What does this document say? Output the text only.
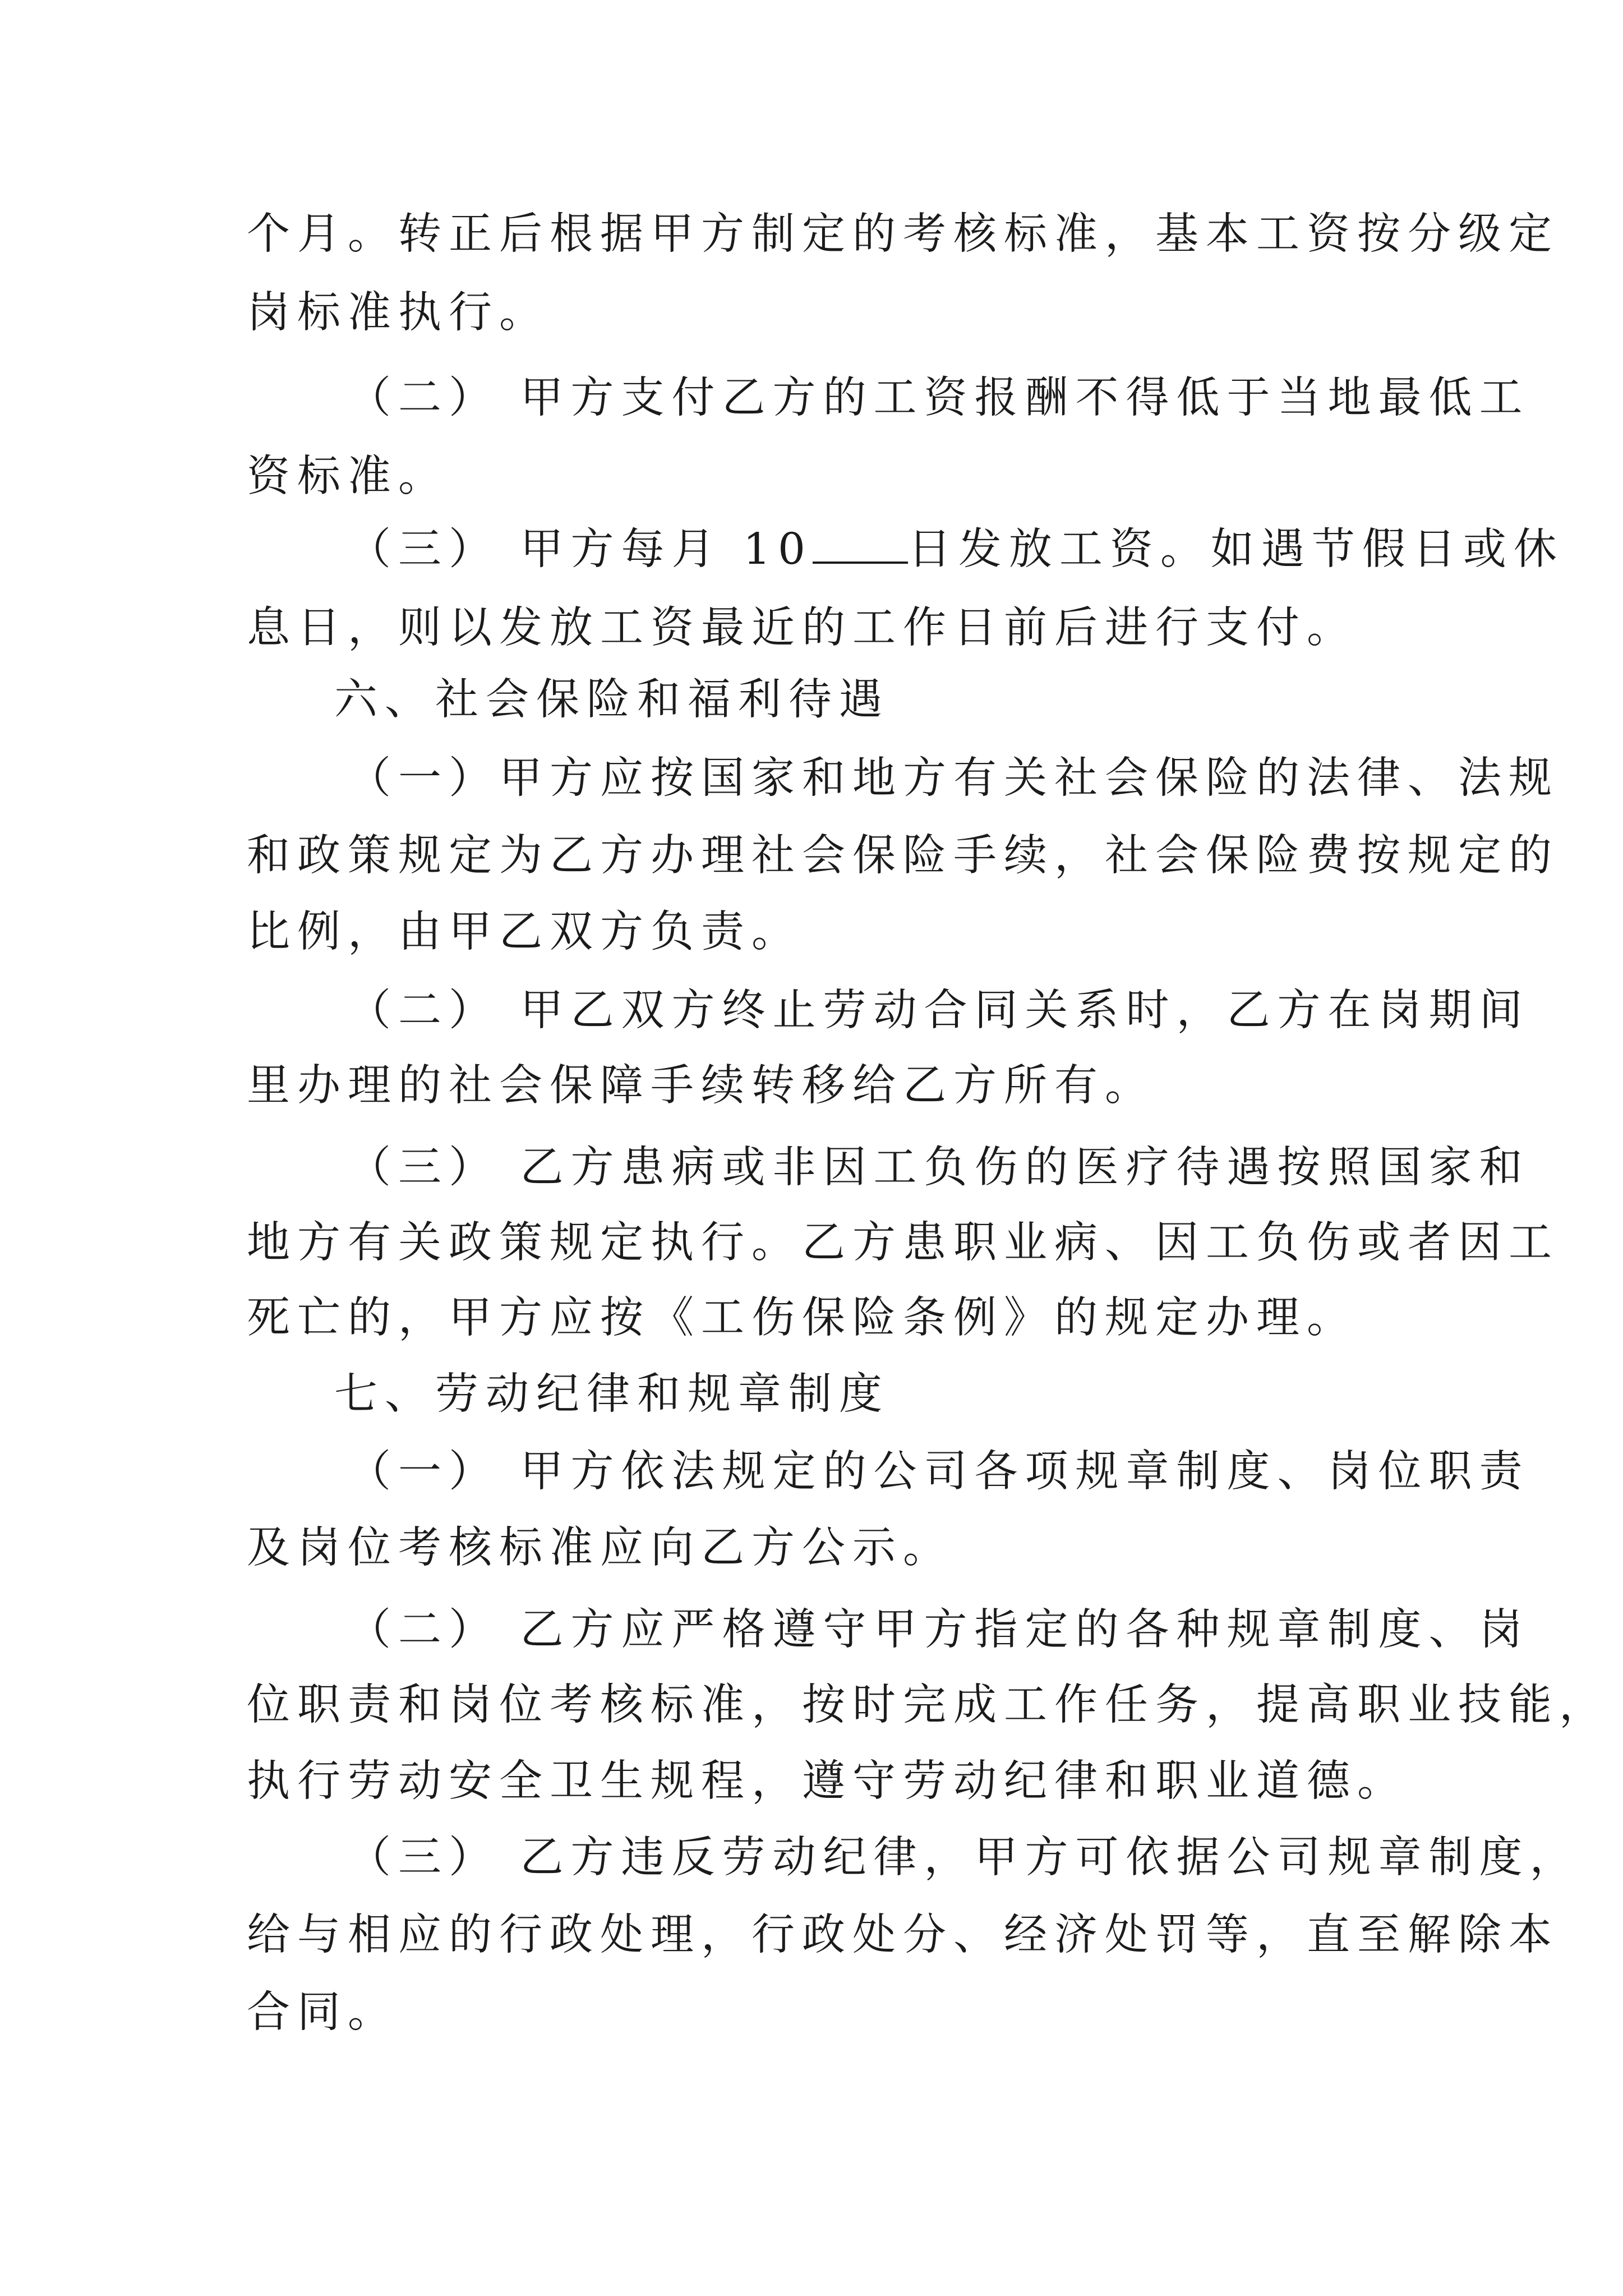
个月。转正后根据甲方制定的考核标准，基本工资按分级定

岗标准执行。

（二） 甲方支付乙方的工资报酬不得低于当地最低工

资标准。

（三） 甲方每月 10 日发放工资。如遇节假日或休

息日，则以发放工资最近的工作日前后进行支付。

六、社会保险和福利待遇

（一）甲方应按国家和地方有关社会保险的法律、法规

和政策规定为乙方办理社会保险手续，社会保险费按规定的

比例，由甲乙双方负责。

（二） 甲乙双方终止劳动合同关系时，乙方在岗期间

里办理的社会保障手续转移给乙方所有。

（三） 乙方患病或非因工负伤的医疗待遇按照国家和

地方有关政策规定执行。乙方患职业病、因工负伤或者因工

死亡的，甲方应按《工伤保险条例》的规定办理。

七、劳动纪律和规章制度

（一） 甲方依法规定的公司各项规章制度、岗位职责

及岗位考核标准应向乙方公示。

（二） 乙方应严格遵守甲方指定的各种规章制度、岗

位职责和岗位考核标准，按时完成工作任务，提高职业技能，

执行劳动安全卫生规程，遵守劳动纪律和职业道德。

（三） 乙方违反劳动纪律，甲方可依据公司规章制度，

给与相应的行政处理，行政处分、经济处罚等，直至解除本

合同。
